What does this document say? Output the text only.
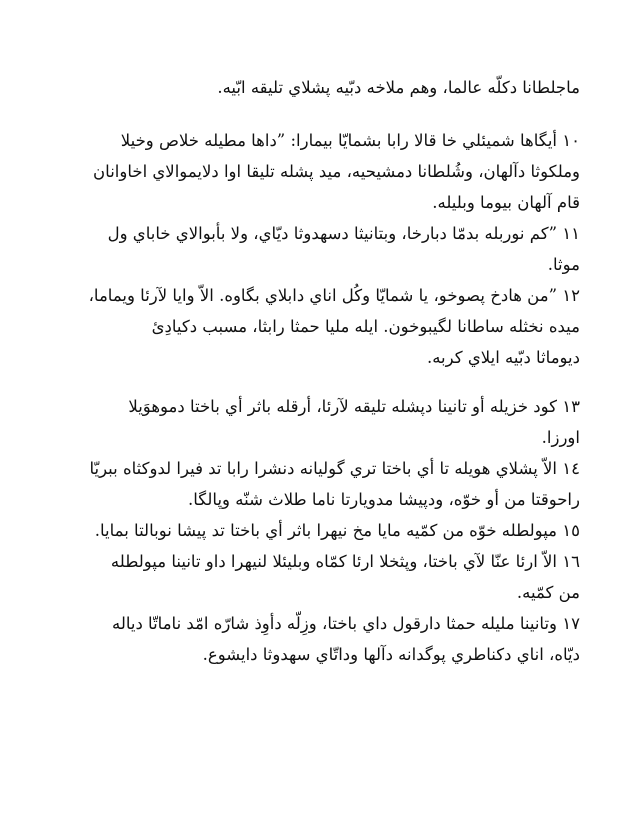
ماجلطانا دكلّه عالما، وهم ملاخه دبّيه پشلاي تليقه ابّيه.

١٠ أيگاها شميئلي خا قالا رابا بشمايّا بيمارا: ”داها مطيله خلاص وخيلا
وملكوثا دآلهان، وشُلطانا دمشيحيه، ميد پشله تليقا اوا دلايموالاي اخاوانان
قام آلهان بيوما وبليله.

١١ ”كم نوربله بدمّا دبارخا، وبتانيثا دسهدوثا ديّاي، ولا بأبوالاي خاباي ول
موثا.

١٢ ”من هادخ پصوخو، يا شمايّا وكُل اناي دابلاي بگاوه. الاّ وايا لآرئا ويماما،
ميده نخثله ساطانا لگيبوخون. ايله مليا حمثا رابثا، مسبب دكيادِئ
ديوماثا دبّيه ايلاي كربه.

١٣ كود خزيله أو تانينا دپشله تليقه لآرئا، أرقله باثر أي باختا دموهوَيلا
اورزا.

١٤ الاّ پشلاي هويله تا أي باختا تري گوليانه دنشرا رابا تد فيرا لدوكثاه ببريّا
راحوقتا من أو خوّه، ودپيشا مدويارتا ناما طلاث شنّه وپالگا.

١٥ مپولطله خوّه من كمّيه مايا مخ نيهرا باثر أي باختا تد پيشا نوبالتا بمايا.

١٦ الاّ ارئا عنّا لآي باختا، وپثخلا ارئا كمّاه وبليئلا لنيهرا داو تانينا مپولطله
من كمّيه.

١٧ وتانينا مليله حمثا دارقول داي باختا، وزِلّه دأوِذ شارّه امّد ناماتّا دياله
ديّاه، اناي دكناطري پوگدانه دآلها وداتّاي سهدوثا دايشوع.
